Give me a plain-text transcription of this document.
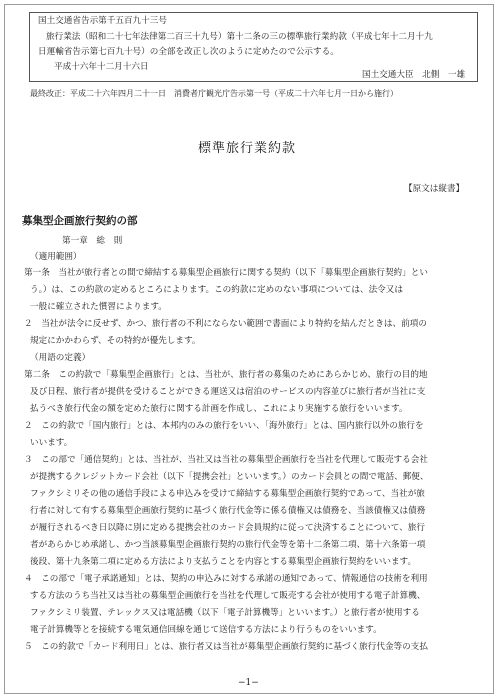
国土交通省告示第千五百九十三号
旅行業法（昭和二十七年法律第二百三十九号）第十二条の三の標準旅行業約款（平成七年十二月十九
日運輸省告示第七百九十号）の全部を改正し次のように定めたので公示する。
平成十六年十二月十六日
国土交通大臣　北側　一雄
最終改正：平成二十六年四月二十一日　消費者庁観光庁告示第一号（平成二十六年七月一日から施行）
標準旅行業約款
【原文は縦書】
募集型企画旅行契約の部
第一章　総　則
（適用範囲）
第一条　当社が旅行者との間で締結する募集型企画旅行に関する契約（以下「募集型企画旅行契約」とい
う。）は、この約款の定めるところによります。この約款に定めのない事項については、法令又は
一般に確立された慣習によります。
２　当社が法令に反せず、かつ、旅行者の不利にならない範囲で書面により特約を結んだときは、前項の
規定にかかわらず、その特約が優先します。
（用語の定義）
第二条　この約款で「募集型企画旅行」とは、当社が、旅行者の募集のためにあらかじめ、旅行の目的地
及び日程、旅行者が提供を受けることができる運送又は宿泊のサービスの内容並びに旅行者が当社に支
払うべき旅行代金の額を定めた旅行に関する計画を作成し、これにより実施する旅行をいいます。
２　この約款で「国内旅行」とは、本邦内のみの旅行をいい、「海外旅行」とは、国内旅行以外の旅行を
いいます。
３　この部で「通信契約」とは、当社が、当社又は当社の募集型企画旅行を当社を代理して販売する会社
が提携するクレジットカード会社（以下「提携会社」といいます。）のカード会員との間で電話、郵便、
ファクシミリその他の通信手段による申込みを受けて締結する募集型企画旅行契約であって、当社が旅
行者に対して有する募集型企画旅行契約に基づく旅行代金等に係る債権又は債務を、当該債権又は債務
が履行されるべき日以降に別に定める提携会社のカード会員規約に従って決済することについて、旅行
者があらかじめ承諾し、かつ当該募集型企画旅行契約の旅行代金等を第十二条第二項、第十六条第一項
後段、第十九条第二項に定める方法により支払うことを内容とする募集型企画旅行契約をいいます。
４　この部で「電子承諾通知」とは、契約の申込みに対する承諾の通知であって、情報通信の技術を利用
する方法のうち当社又は当社の募集型企画旅行を当社を代理して販売する会社が使用する電子計算機、
ファクシミリ装置、テレックス又は電話機（以下「電子計算機等」といいます。）と旅行者が使用する
電子計算機等とを接続する電気通信回線を通じて送信する方法により行うものをいいます。
５　この約款で「カード利用日」とは、旅行者又は当社が募集型企画旅行契約に基づく旅行代金等の支払
−1−
